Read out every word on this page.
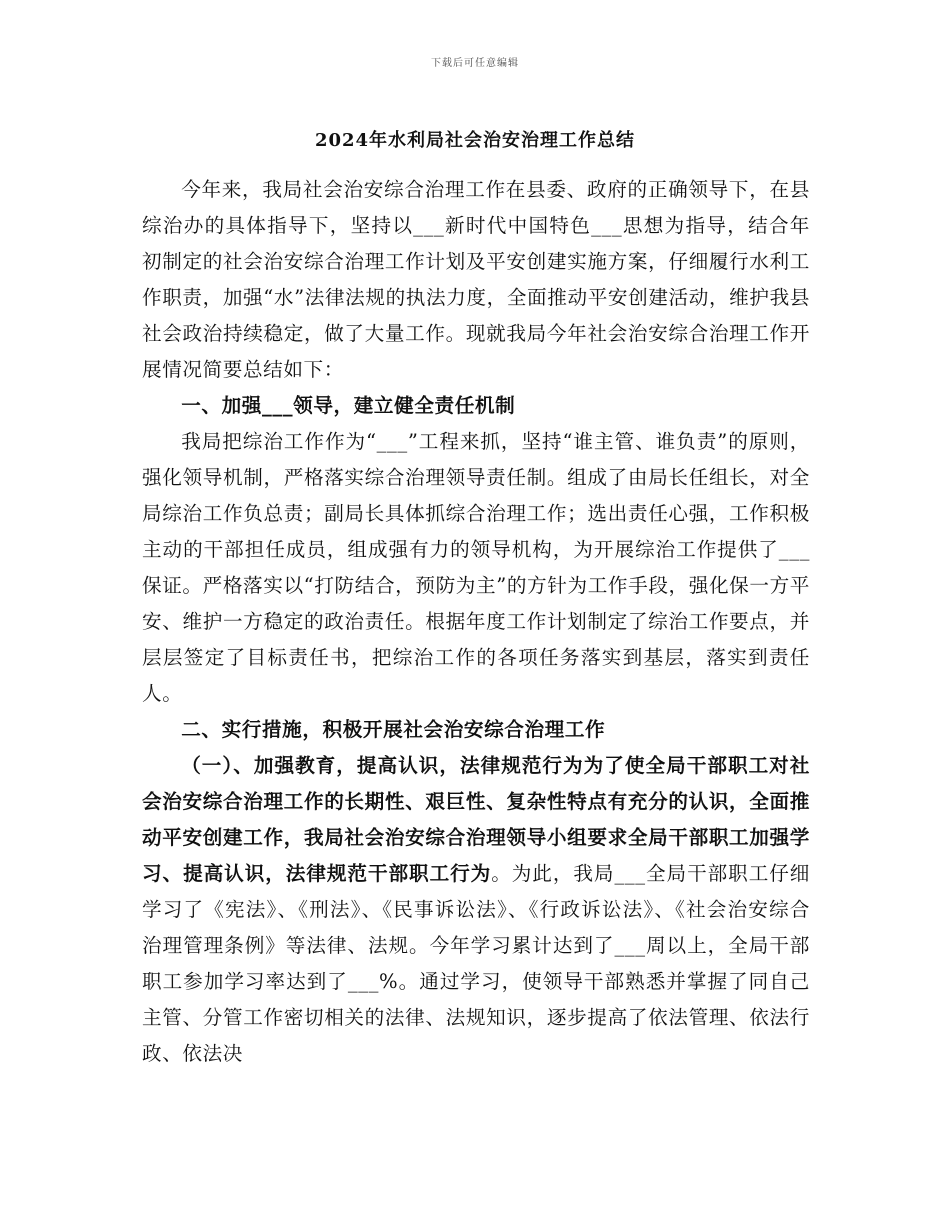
下载后可任意编辑
2024年水利局社会治安治理工作总结

今年来，我局社会治安综合治理工作在县委、政府的正确领导下，在县综治办的具体指导下，坚持以___新时代中国特色___思想为指导，结合年初制定的社会治安综合治理工作计划及平安创建实施方案，仔细履行水利工作职责，加强“水”法律法规的执法力度，全面推动平安创建活动，维护我县社会政治持续稳定，做了大量工作。现就我局今年社会治安综合治理工作开展情况简要总结如下：

一、加强___领导，建立健全责任机制

我局把综治工作作为“___”工程来抓，坚持“谁主管、谁负责”的原则，强化领导机制，严格落实综合治理领导责任制。组成了由局长任组长，对全局综治工作负总责；副局长具体抓综合治理工作；选出责任心强，工作积极主动的干部担任成员，组成强有力的领导机构，为开展综治工作提供了___保证。严格落实以“打防结合，预防为主”的方针为工作手段，强化保一方平安、维护一方稳定的政治责任。根据年度工作计划制定了综治工作要点，并层层签定了目标责任书，把综治工作的各项任务落实到基层，落实到责任人。

二、实行措施，积极开展社会治安综合治理工作

（一）、加强教育，提高认识，法律规范行为为了使全局干部职工对社会治安综合治理工作的长期性、艰巨性、复杂性特点有充分的认识，全面推动平安创建工作，我局社会治安综合治理领导小组要求全局干部职工加强学习、提高认识，法律规范干部职工行为。为此，我局___全局干部职工仔细学习了《宪法》、《刑法》、《民事诉讼法》、《行政诉讼法》、《社会治安综合治理管理条例》等法律、法规。今年学习累计达到了___周以上，全局干部职工参加学习率达到了___%。通过学习，使领导干部熟悉并掌握了同自己主管、分管工作密切相关的法律、法规知识，逐步提高了依法管理、依法行政、依法决
